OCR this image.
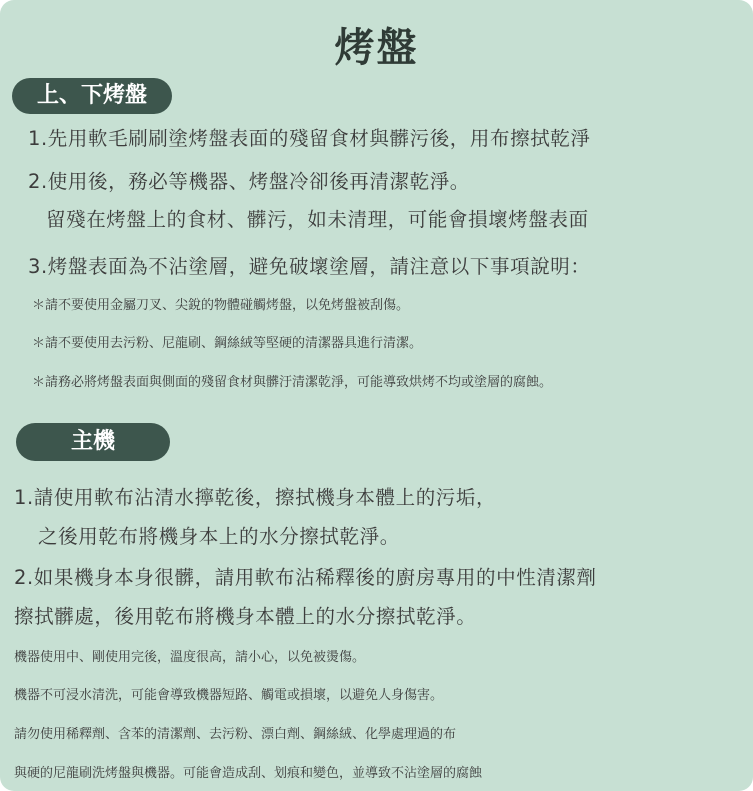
烤盤
上、下烤盤
1.先用軟毛刷刷塗烤盤表面的殘留食材與髒污後，用布擦拭乾淨
2.使用後，務必等機器、烤盤冷卻後再清潔乾淨。
留殘在烤盤上的食材、髒污，如未清理，可能會損壞烤盤表面
3.烤盤表面為不沾塗層，避免破壞塗層，請注意以下事項說明：
＊請不要使用金屬刀叉、尖銳的物體碰觸烤盤，以免烤盤被刮傷。
＊請不要使用去污粉、尼龍刷、鋼絲絨等堅硬的清潔器具進行清潔。
＊請務必將烤盤表面與側面的殘留食材與髒汙清潔乾淨，可能導致烘烤不均或塗層的腐蝕。
主機
1.請使用軟布沾清水擰乾後，擦拭機身本體上的污垢，
之後用乾布將機身本上的水分擦拭乾淨。
2.如果機身本身很髒，請用軟布沾稀釋後的廚房專用的中性清潔劑
擦拭髒處，後用乾布將機身本體上的水分擦拭乾淨。
機器使用中、剛使用完後，溫度很高，請小心，以免被燙傷。
機器不可浸水清洗，可能會導致機器短路、觸電或損壞，以避免人身傷害。
請勿使用稀釋劑、含苯的清潔劑、去污粉、漂白劑、鋼絲絨、化學處理過的布
與硬的尼龍刷洗烤盤與機器。可能會造成刮、划痕和變色，並導致不沾塗層的腐蝕
